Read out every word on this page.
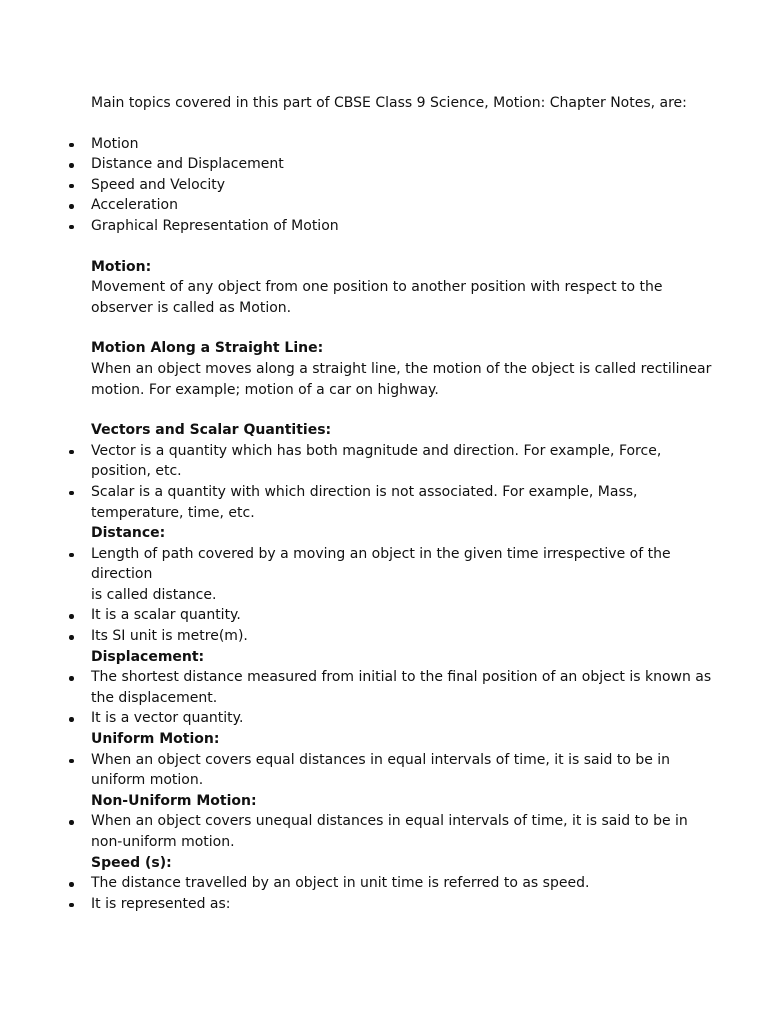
Main topics covered in this part of CBSE Class 9 Science, Motion: Chapter Notes, are:
Motion
Distance and Displacement
Speed and Velocity
Acceleration
Graphical Representation of Motion
Motion:
Movement of any object from one position to another position with respect to the
observer is called as Motion.
Motion Along a Straight Line:
When an object moves along a straight line, the motion of the object is called rectilinear
motion. For example; motion of a car on highway.
Vectors and Scalar Quantities:
Vector is a quantity which has both magnitude and direction. For example, Force,
position, etc.
Scalar is a quantity with which direction is not associated. For example, Mass,
temperature, time, etc.
Distance:
Length of path covered by a moving an object in the given time irrespective of the
direction
is called distance.
It is a scalar quantity.
Its SI unit is metre(m).
Displacement:
The shortest distance measured from initial to the final position of an object is known as
the displacement.
It is a vector quantity.
Uniform Motion:
When an object covers equal distances in equal intervals of time, it is said to be in
uniform motion.
Non-Uniform Motion:
When an object covers unequal distances in equal intervals of time, it is said to be in
non-uniform motion.
Speed (s):
The distance travelled by an object in unit time is referred to as speed.
It is represented as:
